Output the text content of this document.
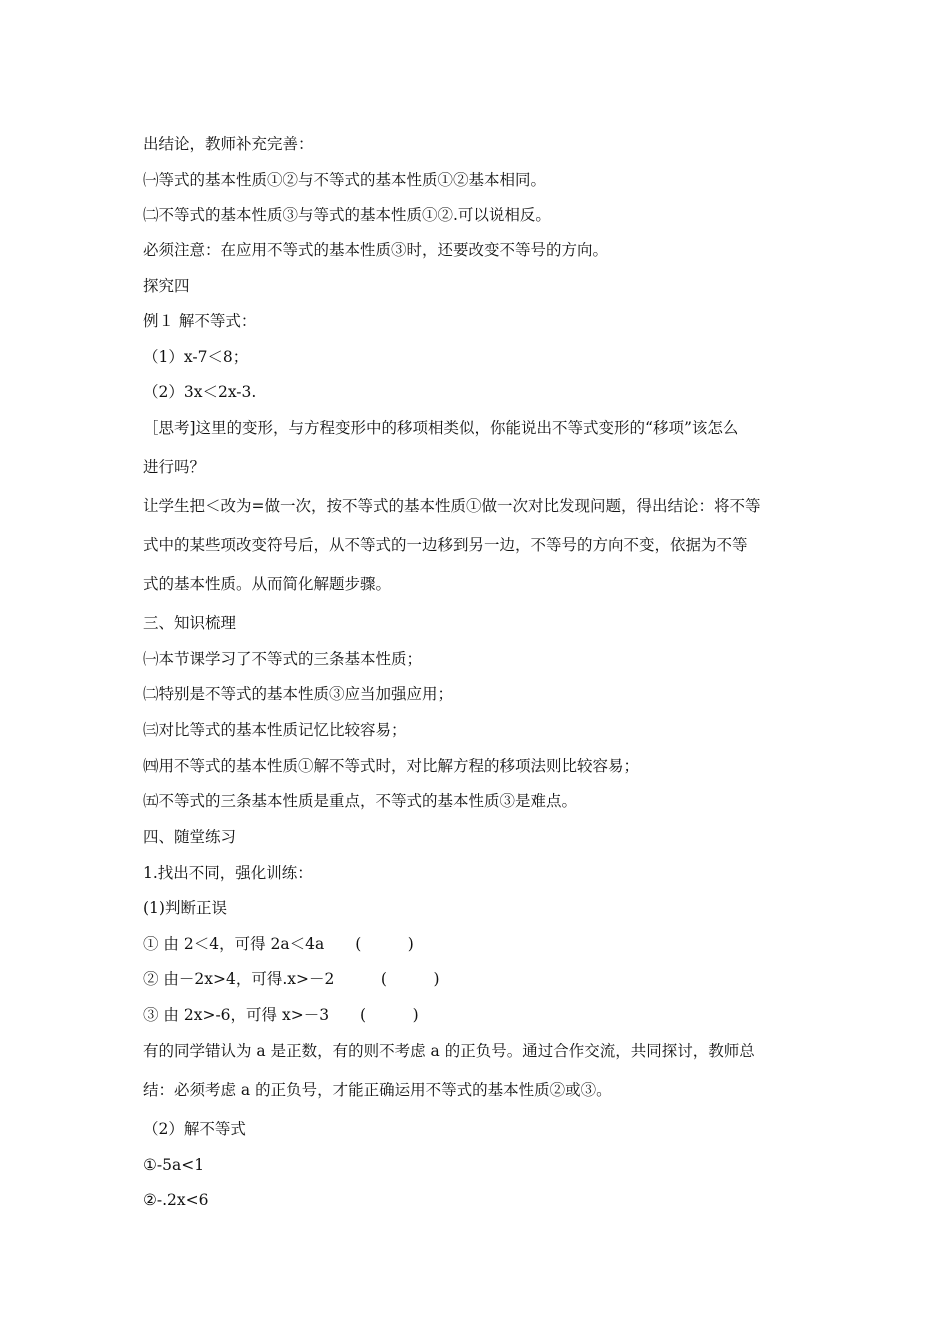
出结论，教师补充完善：
㈠等式的基本性质①②与不等式的基本性质①②基本相同。
㈡不等式的基本性质③与等式的基本性质①②.可以说相反。
必须注意：在应用不等式的基本性质③时，还要改变不等号的方向。
探究四
例１ 解不等式：
（1）x-7＜8；
（2）3x＜2x-3.
［思考]这里的变形，与方程变形中的移项相类似，你能说出不等式变形的“移项”该怎么
进行吗？
让学生把＜改为=做一次，按不等式的基本性质①做一次对比发现问题，得出结论：将不等
式中的某些项改变符号后，从不等式的一边移到另一边，不等号的方向不变，依据为不等
式的基本性质。从而简化解题步骤。
三、知识梳理
㈠本节课学习了不等式的三条基本性质；
㈡特别是不等式的基本性质③应当加强应用；
㈢对比等式的基本性质记忆比较容易；
㈣用不等式的基本性质①解不等式时，对比解方程的移项法则比较容易；
㈤不等式的三条基本性质是重点，不等式的基本性质③是难点。
四、随堂练习
1.找出不同，强化训练：
(1)判断正误
① 由 2＜4，可得 2a＜4a　　(　　　)
② 由－2x>4，可得.x>－2　　　(　　　)
③ 由 2x>-6，可得 x>－3　　(　　　)
有的同学错认为 a 是正数，有的则不考虑 a 的正负号。通过合作交流，共同探讨，教师总
结：必须考虑 a 的正负号，才能正确运用不等式的基本性质②或③。
（2）解不等式
①-5a<1
②-.2x<6
